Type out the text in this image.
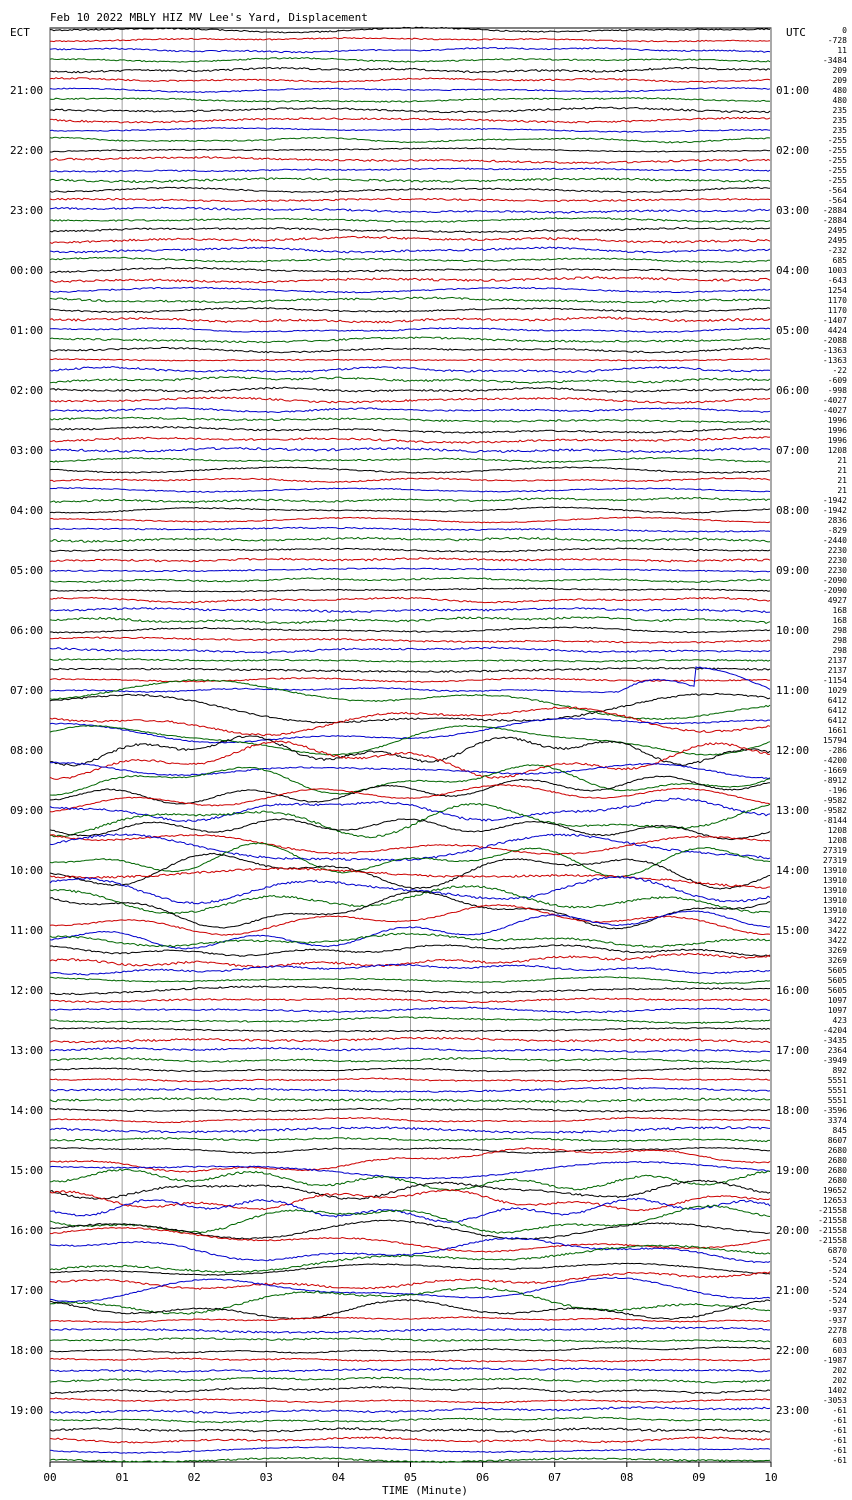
Feb 10 2022 MBLY HIZ MV Lee's Yard, Displacement
ECT	UTC
21:00
22:00
23:00
00:00
01:00
02:00
03:00
04:00
05:00
06:00
07:00
08:00
09:00
10:00
11:00
12:00
13:00
14:00
15:00
16:00
17:00
18:00
19:00
01:00
02:00
03:00
04:00
05:00
06:00
07:00
08:00
09:00
10:00
11:00
12:00
13:00
14:00
15:00
16:00
17:00
18:00
19:00
20:00
21:00
22:00
23:00
0
-728
11
-3484
209
209
480
480
235
235
235
-255
-255
-255
-255
-255
-564
-564
-2884
-2884
2495
2495
-232
685
1003
-643
1254
1170
1170
-1407
4424
-2088
-1363
-1363
-22
-609
-998
-4027
-4027
1996
1996
1996
1208
21
21
21
21
-1942
-1942
2836
-829
-2440
2230
2230
2230
-2090
-2090
4927
168
168
298
298
298
2137
2137
-1154
1029
6412
6412
6412
1661
15794
-286
-4200
-1669
-8912
-196
-9582
-9582
-8144
1208
1208
27319
27319
13910
13910
13910
13910
13910
3422
3422
3422
3269
3269
5605
5605
5605
1097
1097
423
-4204
-3435
2364
-3949
892
5551
5551
5551
-3596
3374
845
8607
2680
2680
2680
2680
19652
12653
-21558
-21558
-21558
-21558
6870
-524
-524
-524
-524
-524
-937
-937
2278
603
603
-1987
202
202
1402
-3053
-61
-61
-61
-61
-61
-61
00	01	02	03	04	05	06	07	08	09	10
TIME (Minute)
